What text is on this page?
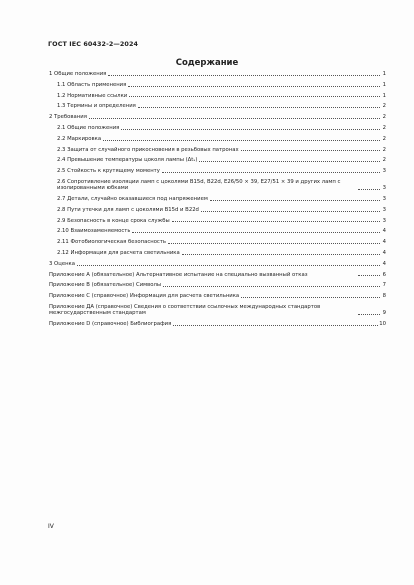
ГОСТ IEC 60432-2—2024
Содержание
1 Общие положения	1
1.1 Область применения	1
1.2 Нормативные ссылки	1
1.3 Термины и определения	2
2 Требования	2
2.1 Общие положения	2
2.2 Маркировка	2
2.3 Защита от случайного прикосновения в резьбовых патронах	2
2.4 Превышение температуры цоколя лампы (Δtₛ)	2
2.5 Стойкость к крутящему моменту	3
2.6 Сопротивление изоляции ламп с цоколями B15d, B22d, E26/50 × 39, E27/51 × 39 и других ламп с изолированными юбками	3
2.7 Детали, случайно оказавшиеся под напряжением	3
2.8 Пути утечки для ламп с цоколями B15d и B22d	3
2.9 Безопасность в конце срока службы	3
2.10 Взаимозаменяемость	4
2.11 Фотобиологическая безопасность	4
2.12 Информация для расчета светильника	4
3 Оценка	4
Приложение A (обязательное) Альтернативное испытание на специально вызванный отказ	6
Приложение B (обязательное) Символы	7
Приложение C (справочное) Информация для расчета светильника	8
Приложение ДА (справочное) Сведения о соответствии ссылочных международных стандартов межгосударственным стандартам	9
Приложение D (справочное) Библиография	10
IV
